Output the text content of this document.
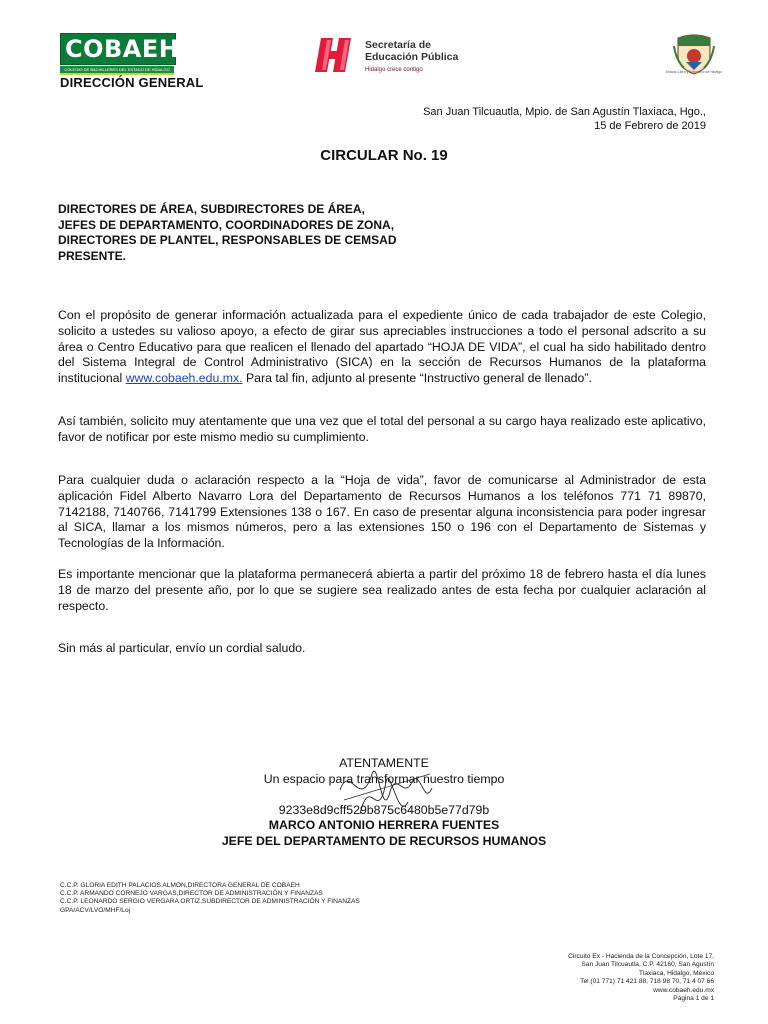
COBAEH
COLEGIO DE BACHILLERES DEL ESTADO DE HIDALGO
DIRECCIÓN GENERAL
Secretaría de
Educación Pública
Hidalgo crece contigo	Estado Libre y Soberano de Hidalgo
San Juan Tilcuautla, Mpio. de San Agustín Tlaxiaca, Hgo.,
15 de Febrero de 2019
CIRCULAR No. 19
DIRECTORES DE ÁREA, SUBDIRECTORES DE ÁREA,
JEFES DE DEPARTAMENTO, COORDINADORES DE ZONA,
DIRECTORES DE PLANTEL, RESPONSABLES DE CEMSAD
PRESENTE.
Con el propósito de generar información actualizada para el expediente único de cada trabajador de este Colegio, solicito a ustedes su valioso apoyo, a efecto de girar sus apreciables instrucciones a todo el personal adscrito a su área o Centro Educativo para que realicen el llenado del apartado “HOJA DE VIDA”, el cual ha sido habilitado dentro del Sistema Integral de Control Administrativo (SICA) en la sección de Recursos Humanos de la plataforma institucional www.cobaeh.edu.mx. Para tal fin, adjunto al presente “Instructivo general de llenado”.
Así también, solicito muy atentamente que una vez que el total del personal a su cargo haya realizado este aplicativo, favor de notificar por este mismo medio su cumplimiento.
Para cualquier duda o aclaración respecto a la “Hoja de vida”, favor de comunicarse al Administrador de esta aplicación Fidel Alberto Navarro Lora del Departamento de Recursos Humanos a los teléfonos 771 71 89870, 7142188, 7140766, 7141799 Extensiones 138 o 167. En caso de presentar alguna inconsistencia para poder ingresar al SICA, llamar a los mismos números, pero a las extensiones 150 o 196 con el Departamento de Sistemas y Tecnologías de la Información.
Es importante mencionar que la plataforma permanecerá abierta a partir del próximo 18 de febrero hasta el día lunes 18 de marzo del presente año, por lo que se sugiere sea realizado antes de esta fecha por cualquier aclaración al respecto.
Sin más al particular, envío un cordial saludo.
ATENTAMENTE
Un espacio para transformar nuestro tiempo
9233e8d9cff529b875c6480b5e77d79b
MARCO ANTONIO HERRERA FUENTES
JEFE DEL DEPARTAMENTO DE RECURSOS HUMANOS
C.C.P. GLORIA EDITH PALACIOS ALMON,DIRECTORA GENERAL DE COBAEH
C.C.P. ARMANDO CORNEJO VARGAS,DIRECTOR DE ADMINISTRACIÓN Y FINANZAS
C.C.P. LEONARDO SERGIO VERGARA ORTIZ,SUBDIRECTOR DE ADMINISTRACIÓN Y FINANZAS
GPA/ACV/LVO/MHF/Loj
Circuito Ex - Hacienda de la Concepción, Lote 17,
San Juan Tilcuautla, C.P. 42160, San Agustín
Tlaxiaca, Hidalgo, México
Tel (01 771) 71 421 88, 718 98 70, 71 4 07 66
www.cobaeh.edu.mx
Página 1 de 1
